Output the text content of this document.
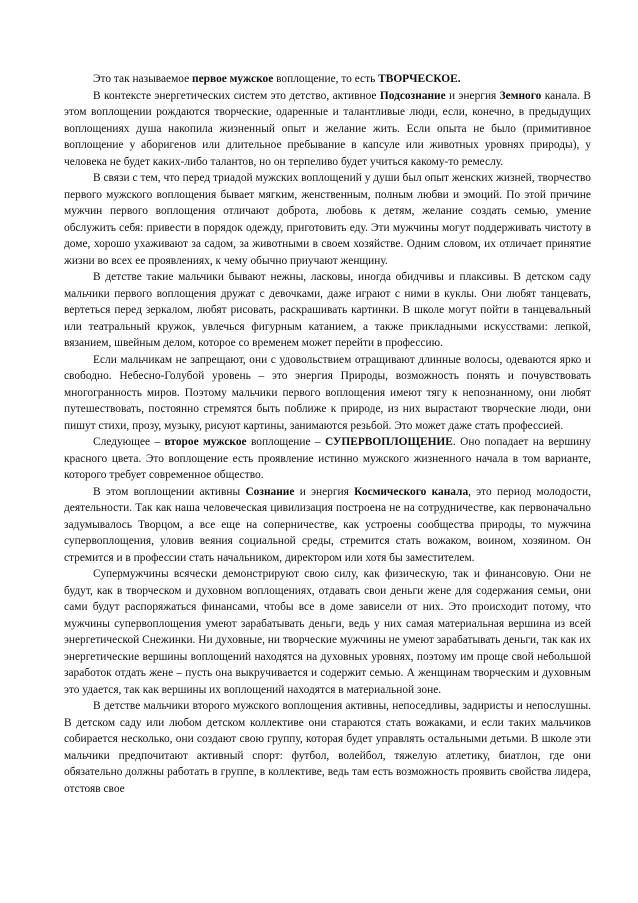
Это так называемое первое мужское воплощение, то есть ТВОРЧЕСКОЕ.

В контексте энергетических систем это детство, активное Подсознание и энергия Земного канала. В этом воплощении рождаются творческие, одаренные и талантливые люди, если, конечно, в предыдущих воплощениях душа накопила жизненный опыт и желание жить. Если опыта не было (примитивное воплощение у аборигенов или длительное пребывание в капсуле или животных уровнях природы), у человека не будет каких-либо талантов, но он терпеливо будет учиться какому-то ремеслу.

В связи с тем, что перед триадой мужских воплощений у души был опыт женских жизней, творчество первого мужского воплощения бывает мягким, женственным, полным любви и эмоций. По этой причине мужчин первого воплощения отличают доброта, любовь к детям, желание создать семью, умение обслужить себя: привести в порядок одежду, приготовить еду. Эти мужчины могут поддерживать чистоту в доме, хорошо ухаживают за садом, за животными в своем хозяйстве. Одним словом, их отличает принятие жизни во всех ее проявлениях, к чему обычно приучают женщину.

В детстве такие мальчики бывают нежны, ласковы, иногда обидчивы и плаксивы. В детском саду мальчики первого воплощения дружат с девочками, даже играют с ними в куклы. Они любят танцевать, вертеться перед зеркалом, любят рисовать, раскрашивать картинки. В школе могут пойти в танцевальный или театральный кружок, увлечься фигурным катанием, а также прикладными искусствами: лепкой, вязанием, швейным делом, которое со временем может перейти в профессию.

Если мальчикам не запрещают, они с удовольствием отращивают длинные волосы, одеваются ярко и свободно. Небесно-Голубой уровень – это энергия Природы, возможность понять и почувствовать многогранность миров. Поэтому мальчики первого воплощения имеют тягу к непознанному, они любят путешествовать, постоянно стремятся быть поближе к природе, из них вырастают творческие люди, они пишут стихи, прозу, музыку, рисуют картины, занимаются резьбой. Это может даже стать профессией.

Следующее – второе мужское воплощение – СУПЕРВОПЛОЩЕНИЕ. Оно попадает на вершину красного цвета. Это воплощение есть проявление истинно мужского жизненного начала в том варианте, которого требует современное общество.

В этом воплощении активны Сознание и энергия Космического канала, это период молодости, деятельности. Так как наша человеческая цивилизация построена не на сотрудничестве, как первоначально задумывалось Творцом, а все еще на соперничестве, как устроены сообщества природы, то мужчина супервоплощения, уловив веяния социальной среды, стремится стать вожаком, воином, хозяином. Он стремится и в профессии стать начальником, директором или хотя бы заместителем.

Супермужчины всячески демонстрируют свою силу, как физическую, так и финансовую. Они не будут, как в творческом и духовном воплощениях, отдавать свои деньги жене для содержания семьи, они сами будут распоряжаться финансами, чтобы все в доме зависели от них. Это происходит потому, что мужчины супервоплощения умеют зарабатывать деньги, ведь у них самая материальная вершина из всей энергетической Снежинки. Ни духовные, ни творческие мужчины не умеют зарабатывать деньги, так как их энергетические вершины воплощений находятся на духовных уровнях, поэтому им проще свой небольшой заработок отдать жене – пусть она выкручивается и содержит семью. А женщинам творческим и духовным это удается, так как вершины их воплощений находятся в материальной зоне.

В детстве мальчики второго мужского воплощения активны, непоседливы, задиристы и непослушны. В детском саду или любом детском коллективе они стараются стать вожаками, и если таких мальчиков собирается несколько, они создают свою группу, которая будет управлять остальными детьми. В школе эти мальчики предпочитают активный спорт: футбол, волейбол, тяжелую атлетику, биатлон, где они обязательно должны работать в группе, в коллективе, ведь там есть возможность проявить свойства лидера, отстояв свое
